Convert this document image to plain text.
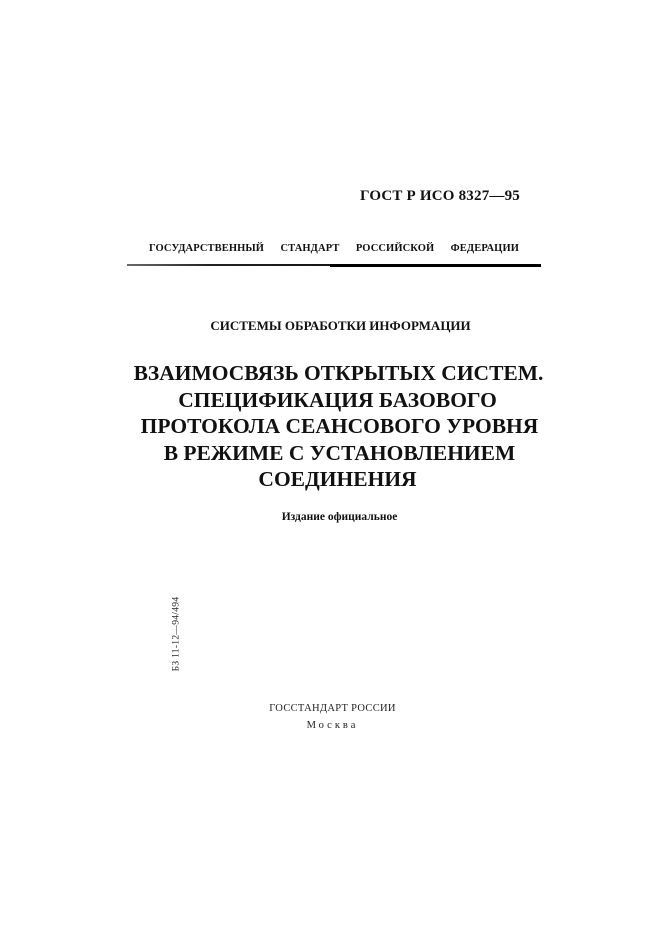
ГОСТ Р ИСО 8327—95
ГОСУДАРСТВЕННЫЙ СТАНДАРТ РОССИЙСКОЙ ФЕДЕРАЦИИ
СИСТЕМЫ ОБРАБОТКИ ИНФОРМАЦИИ
ВЗАИМОСВЯЗЬ ОТКРЫТЫХ СИСТЕМ.
СПЕЦИФИКАЦИЯ БАЗОВОГО
ПРОТОКОЛА СЕАНСОВОГО УРОВНЯ
В РЕЖИМЕ С УСТАНОВЛЕНИЕМ
СОЕДИНЕНИЯ
Издание официальное
БЗ 11-12—94/494
ГОССТАНДАРТ РОССИИ
Москва
